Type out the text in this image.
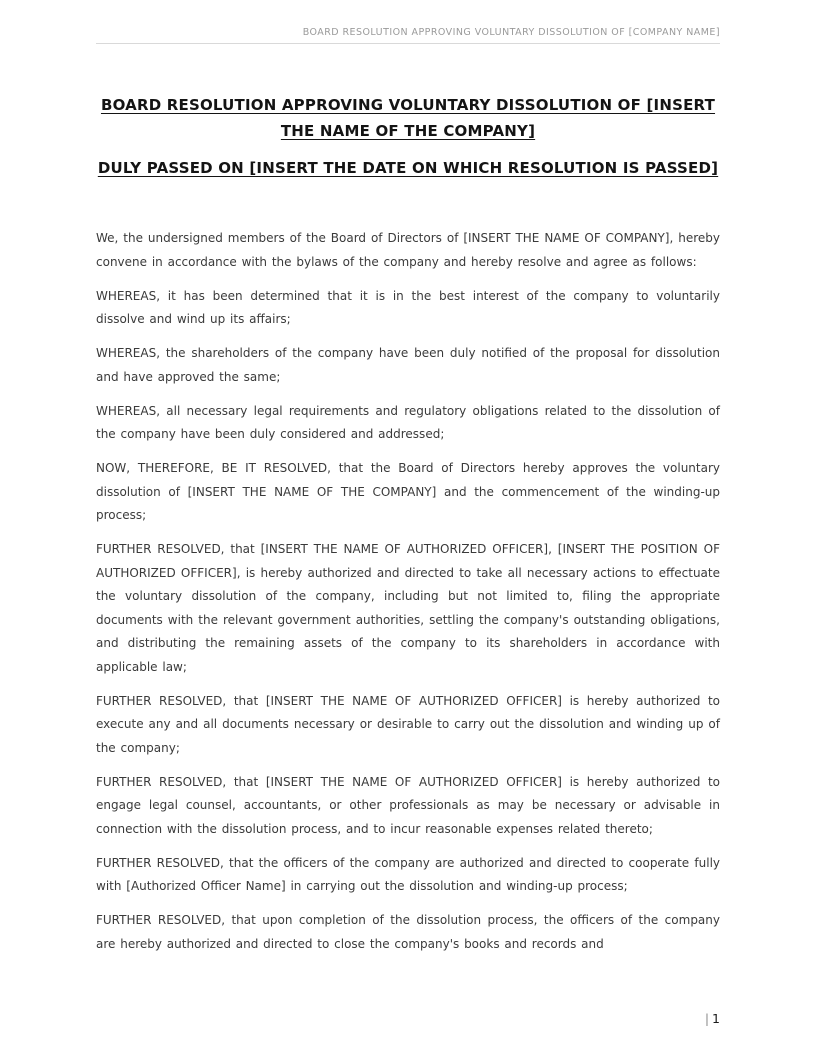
BOARD RESOLUTION APPROVING VOLUNTARY DISSOLUTION OF [COMPANY NAME]
BOARD RESOLUTION APPROVING VOLUNTARY DISSOLUTION OF [INSERT THE NAME OF THE COMPANY]
DULY PASSED ON [INSERT THE DATE ON WHICH RESOLUTION IS PASSED]

We, the undersigned members of the Board of Directors of [INSERT THE NAME OF COMPANY], hereby convene in accordance with the bylaws of the company and hereby resolve and agree as follows:

WHEREAS, it has been determined that it is in the best interest of the company to voluntarily dissolve and wind up its affairs;

WHEREAS, the shareholders of the company have been duly notified of the proposal for dissolution and have approved the same;

WHEREAS, all necessary legal requirements and regulatory obligations related to the dissolution of the company have been duly considered and addressed;

NOW, THEREFORE, BE IT RESOLVED, that the Board of Directors hereby approves the voluntary dissolution of [INSERT THE NAME OF THE COMPANY] and the commencement of the winding-up process;

FURTHER RESOLVED, that [INSERT THE NAME OF AUTHORIZED OFFICER], [INSERT THE POSITION OF AUTHORIZED OFFICER], is hereby authorized and directed to take all necessary actions to effectuate the voluntary dissolution of the company, including but not limited to, filing the appropriate documents with the relevant government authorities, settling the company's outstanding obligations, and distributing the remaining assets of the company to its shareholders in accordance with applicable law;

FURTHER RESOLVED, that [INSERT THE NAME OF AUTHORIZED OFFICER] is hereby authorized to execute any and all documents necessary or desirable to carry out the dissolution and winding up of the company;

FURTHER RESOLVED, that [INSERT THE NAME OF AUTHORIZED OFFICER] is hereby authorized to engage legal counsel, accountants, or other professionals as may be necessary or advisable in connection with the dissolution process, and to incur reasonable expenses related thereto;

FURTHER RESOLVED, that the officers of the company are authorized and directed to cooperate fully with [Authorized Officer Name] in carrying out the dissolution and winding-up process;

FURTHER RESOLVED, that upon completion of the dissolution process, the officers of the company are hereby authorized and directed to close the company's books and records and

| 1
